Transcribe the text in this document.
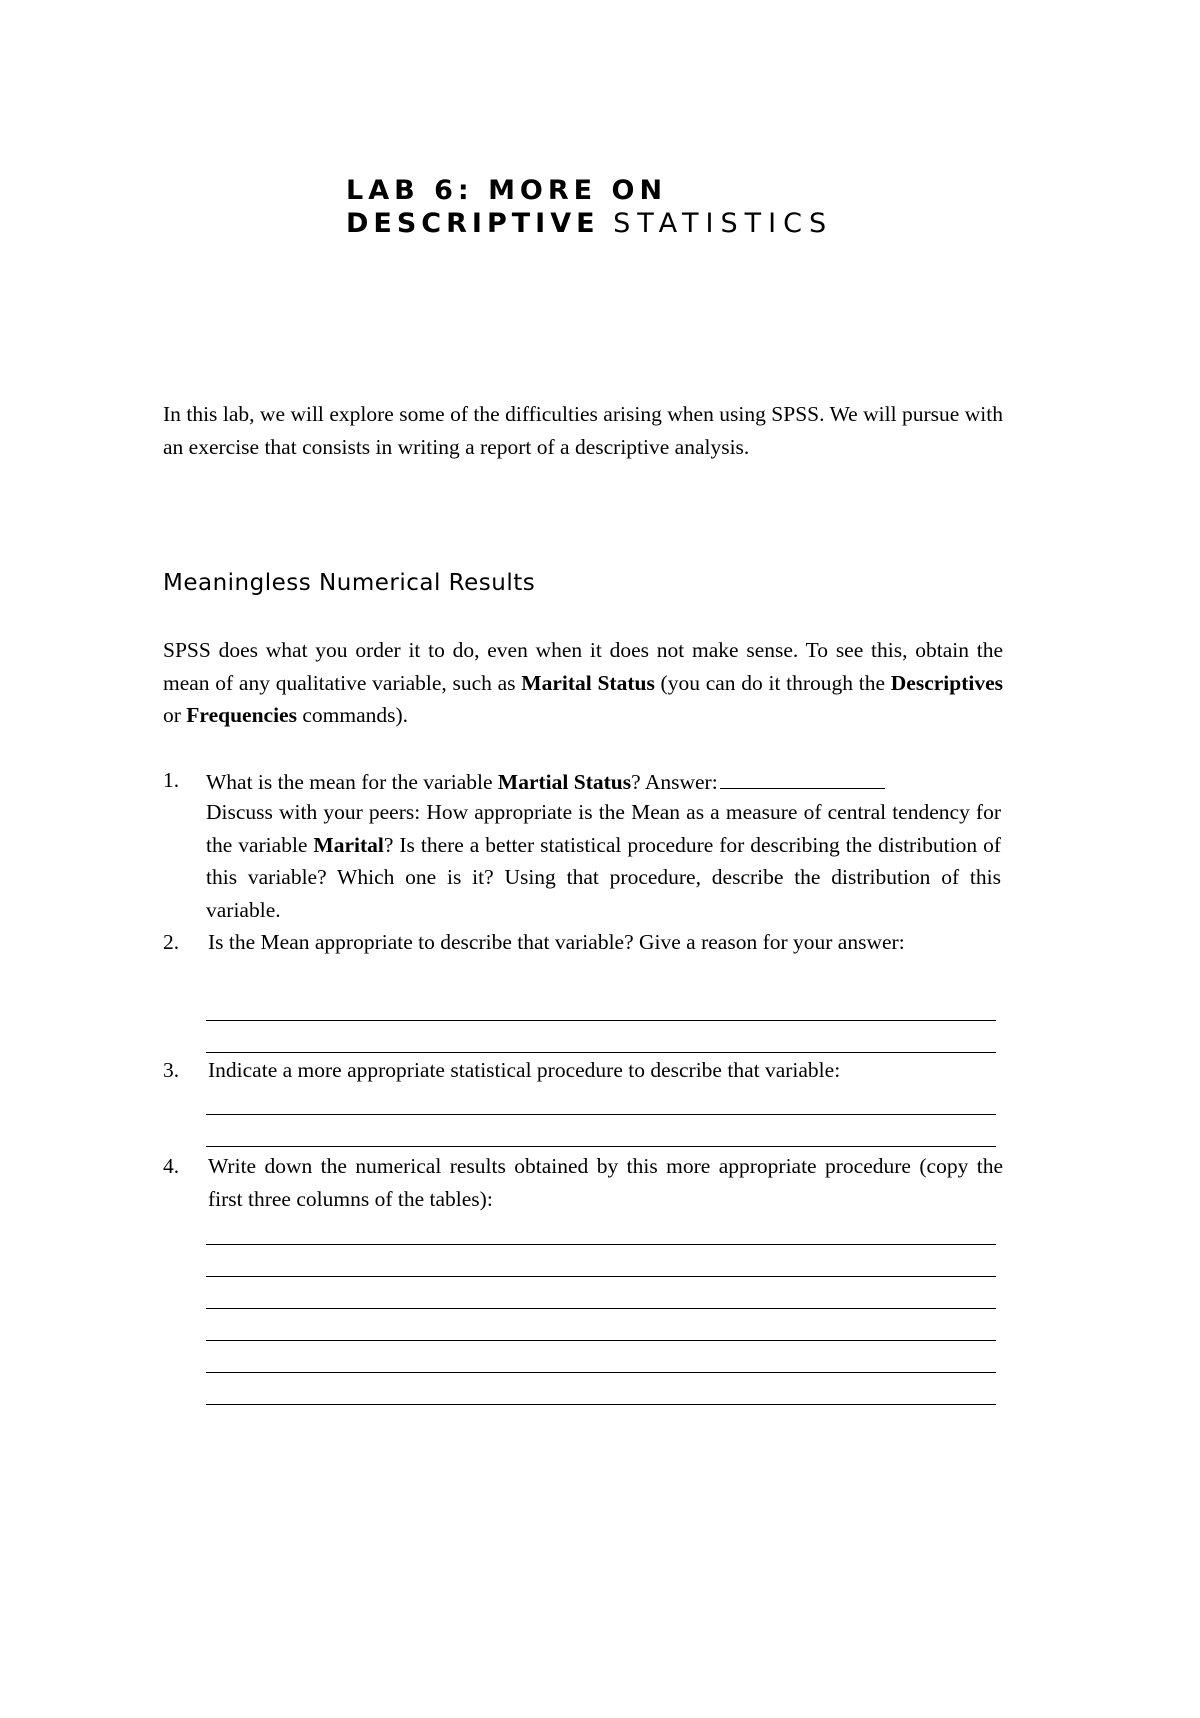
LAB 6: MORE ON
DESCRIPTIVE STATISTICS
In this lab, we will explore some of the difficulties arising when using SPSS. We will pursue with an exercise that consists in writing a report of a descriptive analysis.
Meaningless Numerical Results
SPSS does what you order it to do, even when it does not make sense. To see this, obtain the mean of any qualitative variable, such as Marital Status (you can do it through the Descriptives or Frequencies commands).
1. What is the mean for the variable Martial Status? Answer:
Discuss with your peers: How appropriate is the Mean as a measure of central tendency for the variable Marital? Is there a better statistical procedure for describing the distribution of this variable? Which one is it? Using that procedure, describe the distribution of this variable.
2. Is the Mean appropriate to describe that variable? Give a reason for your answer:
3. Indicate a more appropriate statistical procedure to describe that variable:
4. Write down the numerical results obtained by this more appropriate procedure (copy the first three columns of the tables):
